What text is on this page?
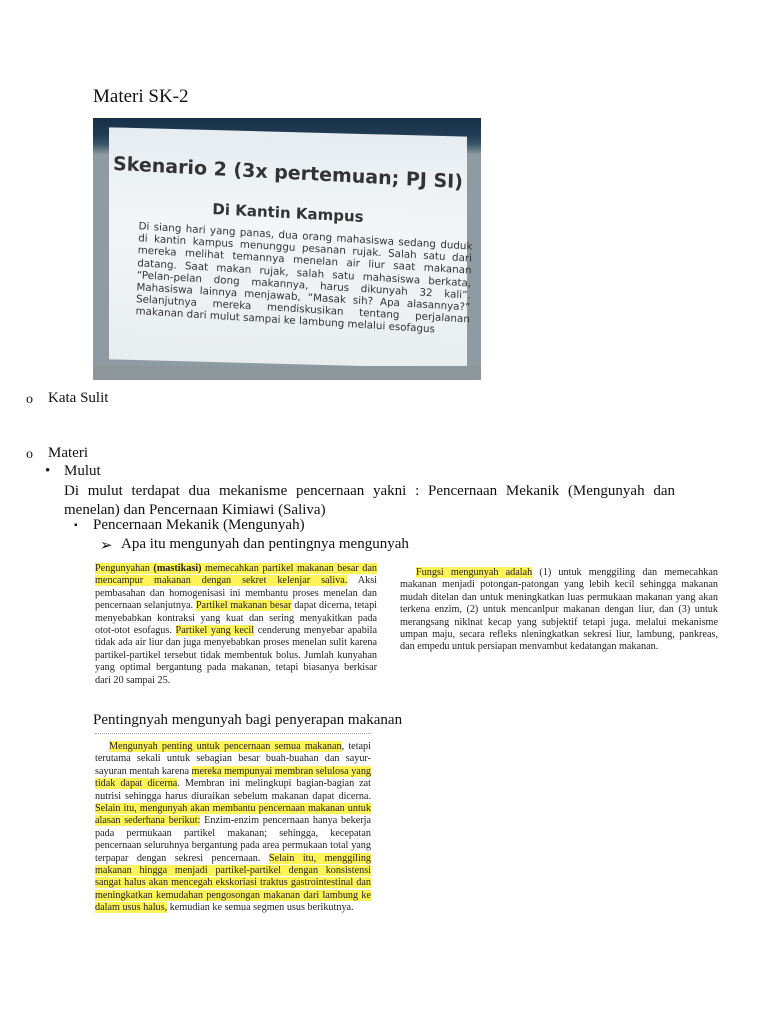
Materi SK-2
Skenario 2 (3x pertemuan; PJ SI)
Di Kantin Kampus
Di siang hari yang panas, dua orang mahasiswa sedang duduk di kantin kampus menunggu pesanan rujak. Salah satu dari mereka melihat temannya menelan air liur saat makanan datang. Saat makan rujak, salah satu mahasiswa berkata, “Pelan-pelan dong makannya, harus dikunyah 32 kali”. Mahasiswa lainnya menjawab, “Masak sih? Apa alasannya?” Selanjutnya mereka mendiskusikan tentang perjalanan makanan dari mulut sampai ke lambung melalui esofagus
o Kata Sulit
o Materi
• Mulut
Di mulut terdapat dua mekanisme pencernaan yakni : Pencernaan Mekanik (Mengunyah dan menelan) dan Pencernaan Kimiawi (Saliva)
▪ Pencernaan Mekanik (Mengunyah)
➢ Apa itu mengunyah dan pentingnya mengunyah
Pengunyahan (mastikasi) memecahkan partikel makanan besar dan mencampur makanan dengan sekret kelenjar saliva. Aksi pembasahan dan homogenisasi ini membantu proses menelan dan pencernaan selanjutnya. Partikel makanan besar dapat dicerna, tetapi menyebabkan kontraksi yang kuat dan sering menyakitkan pada otot-otot esofagus. Partikel yang kecil cenderung menyebar apabila tidak ada air liur dan juga menyebabkan proses menelan sulit karena partikel-partikel tersebut tidak membentuk bolus. Jumlah kunyahan yang optimal bergantung pada makanan, tetapi biasanya berkisar dari 20 sampai 25.
Fungsi mengunyah adalah (1) untuk menggiling dan memecahkan makanan menjadi potongan-patongan yang lebih kecil sehingga makanan mudah ditelan dan untuk meningkatkan luas permukaan makanan yang akan terkena enzim, (2) untuk mencanlpur makanan dengan liur, dan (3) untuk merangsang niklnat kecap yang subjektif tetapi juga. melalui mekanisme umpan maju, secara refleks nleningkatkan sekresi liur, lambung, pankreas, dan empedu untuk persiapan menvambut kedatangan makanan.
Pentingnyah mengunyah bagi penyerapan makanan
Mengunyah penting untuk pencernaan semua makanan, tetapi terutama sekali untuk sebagian besar buah-buahan dan sayur-sayuran mentah karena mereka mempunyai membran selulosa yang tidak dapat dicerna. Membran ini melingkupi bagian-bagian zat nutrisi sehingga harus diuraikan sebelum makanan dapat dicerna. Selain itu, mengunyah akan membantu pencernaan makanan untuk alasan sederhana berikut: Enzim-enzim pencernaan hanya bekerja pada permukaan partikel makanan; sehingga, kecepatan pencernaan seluruhnya bergantung pada area permukaan total yang terpapar dengan sekresi pencernaan. Selain itu, menggiling makanan hingga menjadi partikel-partikel dengan konsistensi sangat halus akan mencegah ekskoriasi traktus gastrointestinal dan meningkatkan kemudahan pengosongan makanan dari lambung ke dalam usus halus, kemudian ke semua segmen usus berikutnya.
